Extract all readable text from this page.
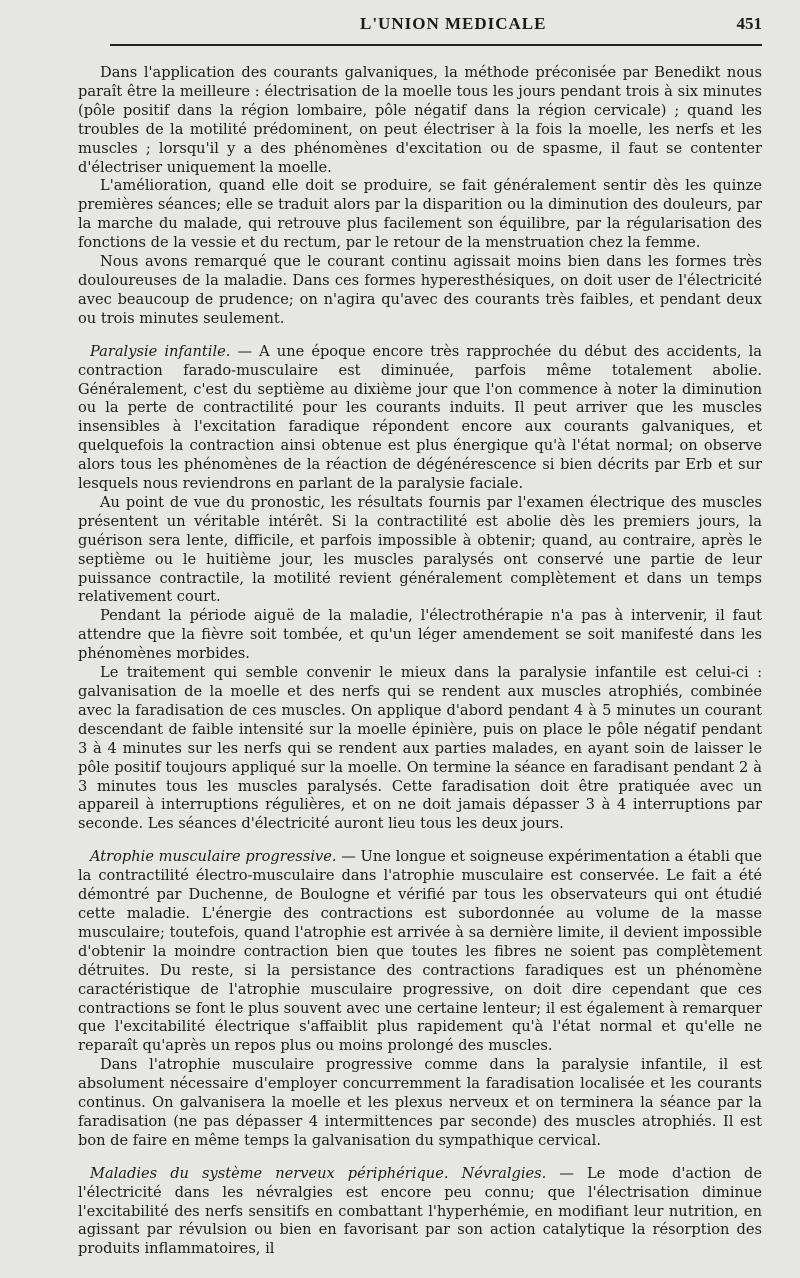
L'UNION MEDICALE	451

Dans l'application des courants galvaniques, la méthode préconisée par Benedikt nous paraît être la meilleure : électrisation de la moelle tous les jours pendant trois à six minutes (pôle positif dans la région lombaire, pôle négatif dans la région cervicale) ; quand les troubles de la motilité prédominent, on peut électriser à la fois la moelle, les nerfs et les muscles ; lorsqu'il y a des phénomènes d'excitation ou de spasme, il faut se contenter d'électriser uniquement la moelle.

L'amélioration, quand elle doit se produire, se fait généralement sentir dès les quinze premières séances; elle se traduit alors par la disparition ou la diminution des douleurs, par la marche du malade, qui retrouve plus facilement son équilibre, par la régularisation des fonctions de la vessie et du rectum, par le retour de la menstruation chez la femme.

Nous avons remarqué que le courant continu agissait moins bien dans les formes très douloureuses de la maladie. Dans ces formes hyperesthésiques, on doit user de l'électricité avec beaucoup de prudence; on n'agira qu'avec des courants très faibles, et pendant deux ou trois minutes seulement.

Paralysie infantile. — A une époque encore très rapprochée du début des accidents, la contraction farado-musculaire est diminuée, parfois même totalement abolie. Généralement, c'est du septième au dixième jour que l'on commence à noter la diminution ou la perte de contractilité pour les courants induits. Il peut arriver que les muscles insensibles à l'excitation faradique répondent encore aux courants galvaniques, et quelquefois la contraction ainsi obtenue est plus énergique qu'à l'état normal; on observe alors tous les phénomènes de la réaction de dégénérescence si bien décrits par Erb et sur lesquels nous reviendrons en parlant de la paralysie faciale.

Au point de vue du pronostic, les résultats fournis par l'examen électrique des muscles présentent un véritable intérêt. Si la contractilité est abolie dès les premiers jours, la guérison sera lente, difficile, et parfois impossible à obtenir; quand, au contraire, après le septième ou le huitième jour, les muscles paralysés ont conservé une partie de leur puissance contractile, la motilité revient généralement complètement et dans un temps relativement court.

Pendant la période aiguë de la maladie, l'électrothérapie n'a pas à intervenir, il faut attendre que la fièvre soit tombée, et qu'un léger amendement se soit manifesté dans les phénomènes morbides.

Le traitement qui semble convenir le mieux dans la paralysie infantile est celui-ci : galvanisation de la moelle et des nerfs qui se rendent aux muscles atrophiés, combinée avec la faradisation de ces muscles. On applique d'abord pendant 4 à 5 minutes un courant descendant de faible intensité sur la moelle épinière, puis on place le pôle négatif pendant 3 à 4 minutes sur les nerfs qui se rendent aux parties malades, en ayant soin de laisser le pôle positif toujours appliqué sur la moelle. On termine la séance en faradisant pendant 2 à 3 minutes tous les muscles paralysés. Cette faradisation doit être pratiquée avec un appareil à interruptions régulières, et on ne doit jamais dépasser 3 à 4 interruptions par seconde. Les séances d'électricité auront lieu tous les deux jours.

Atrophie musculaire progressive. — Une longue et soigneuse expérimentation a établi que la contractilité électro-musculaire dans l'atrophie musculaire est conservée. Le fait a été démontré par Duchenne, de Boulogne et vérifié par tous les observateurs qui ont étudié cette maladie. L'énergie des contractions est subordonnée au volume de la masse musculaire; toutefois, quand l'atrophie est arrivée à sa dernière limite, il devient impossible d'obtenir la moindre contraction bien que toutes les fibres ne soient pas complètement détruites. Du reste, si la persistance des contractions faradiques est un phénomène caractéristique de l'atrophie musculaire progressive, on doit dire cependant que ces contractions se font le plus souvent avec une certaine lenteur; il est également à remarquer que l'excitabilité électrique s'affaiblit plus rapidement qu'à l'état normal et qu'elle ne reparaît qu'après un repos plus ou moins prolongé des muscles.

Dans l'atrophie musculaire progressive comme dans la paralysie infantile, il est absolument nécessaire d'employer concurremment la faradisation localisée et les courants continus. On galvanisera la moelle et les plexus nerveux et on terminera la séance par la faradisation (ne pas dépasser 4 intermittences par seconde) des muscles atrophiés. Il est bon de faire en même temps la galvanisation du sympathique cervical.

Maladies du système nerveux périphérique. Névralgies. — Le mode d'action de l'électricité dans les névralgies est encore peu connu; que l'électrisation diminue l'excitabilité des nerfs sensitifs en combattant l'hyperhémie, en modifiant leur nutrition, en agissant par révulsion ou bien en favorisant par son action catalytique la résorption des produits inflammatoires, il
